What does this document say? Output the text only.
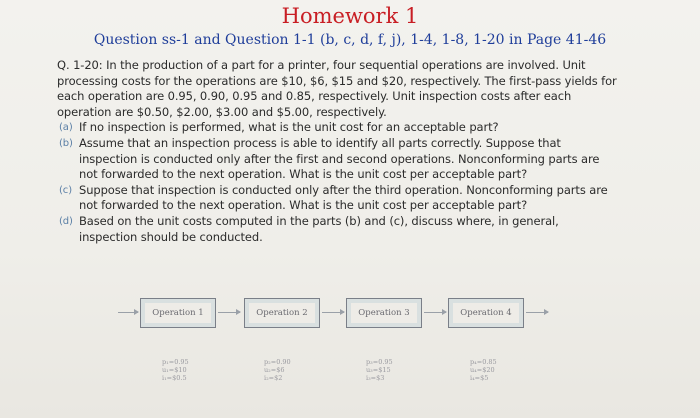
Homework 1
Question ss-1 and Question 1-1 (b, c, d, f, j), 1-4, 1-8, 1-20 in Page 41-46

Q. 1-20: In the production of a part for a printer, four sequential operations are involved. Unit processing costs for the operations are $10, $6, $15 and $20, respectively. The first-pass yields for each operation are 0.95, 0.90, 0.95 and 0.85, respectively. Unit inspection costs after each operation are $0.50, $2.00, $3.00 and $5.00, respectively.

(a) If no inspection is performed, what is the unit cost for an acceptable part?

(b) Assume that an inspection process is able to identify all parts correctly. Suppose that inspection is conducted only after the first and second operations. Nonconforming parts are not forwarded to the next operation. What is the unit cost per acceptable part?

(c) Suppose that inspection is conducted only after the third operation. Nonconforming parts are not forwarded to the next operation. What is the unit cost per acceptable part?

(d) Based on the unit costs computed in the parts (b) and (c), discuss where, in general, inspection should be conducted.

Operation 1	Operation 2	Operation 3	Operation 4
p₁=0.95
u₁=$10
i₁=$0.5
p₂=0.90
u₂=$6
i₂=$2
p₃=0.95
u₃=$15
i₃=$3
p₄=0.85
u₄=$20
i₄=$5
